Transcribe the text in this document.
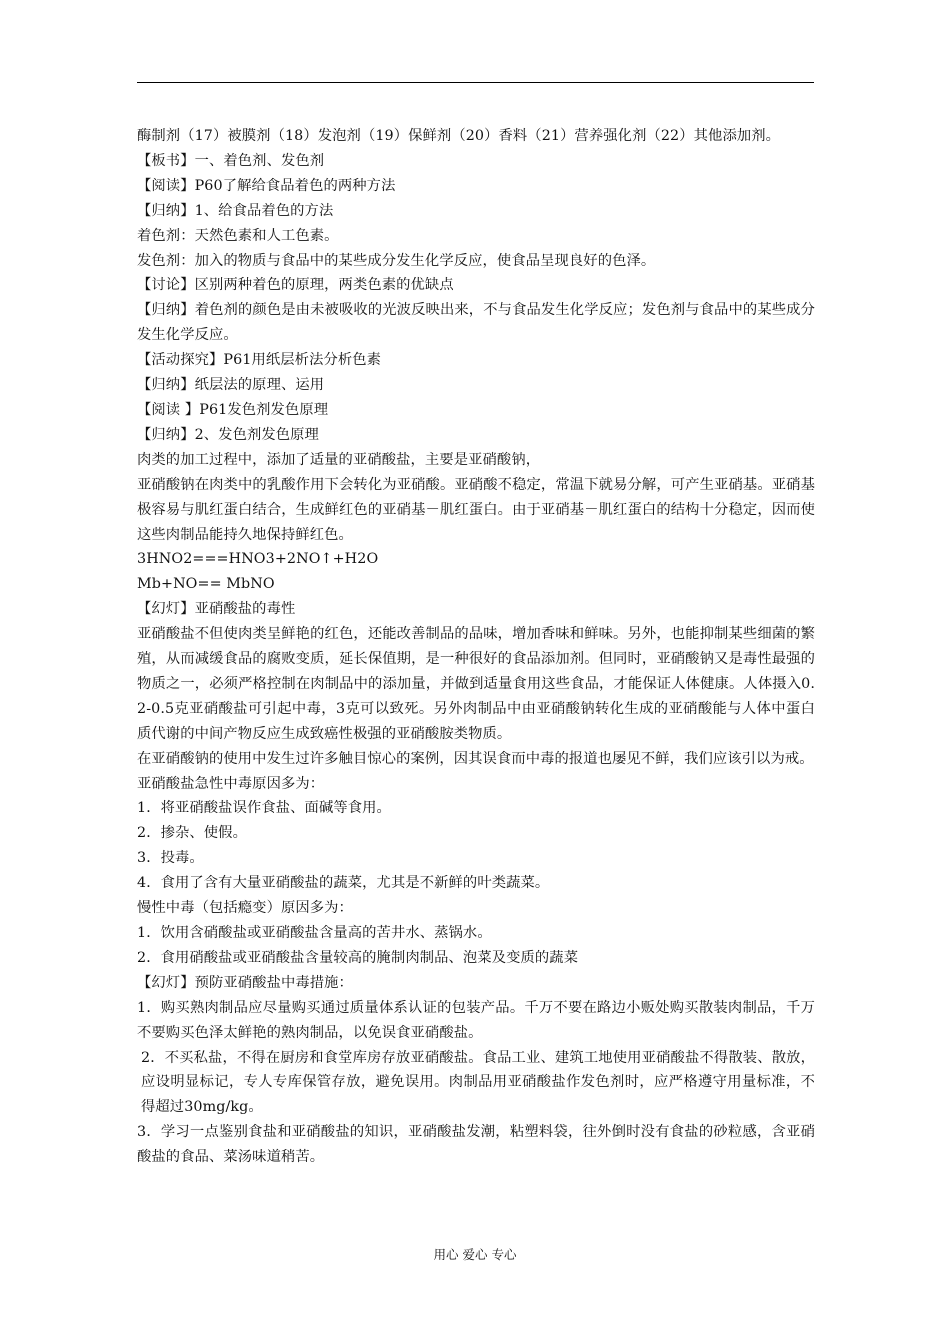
酶制剂（17）被膜剂（18）发泡剂（19）保鲜剂（20）香料（21）营养强化剂（22）其他添加剂。

【板书】一、着色剂、发色剂

【阅读】P60了解给食品着色的两种方法

【归纳】1、给食品着色的方法

着色剂：天然色素和人工色素。

发色剂：加入的物质与食品中的某些成分发生化学反应，使食品呈现良好的色泽。

【讨论】区别两种着色的原理，两类色素的优缺点

【归纳】着色剂的颜色是由未被吸收的光波反映出来，不与食品发生化学反应；发色剂与食品中的某些成分发生化学反应。

【活动探究】P61用纸层析法分析色素

【归纳】纸层法的原理、运用

【阅读 】P61发色剂发色原理

【归纳】2、发色剂发色原理

肉类的加工过程中，添加了适量的亚硝酸盐，主要是亚硝酸钠，

亚硝酸钠在肉类中的乳酸作用下会转化为亚硝酸。亚硝酸不稳定，常温下就易分解，可产生亚硝基。亚硝基极容易与肌红蛋白结合，生成鲜红色的亚硝基－肌红蛋白。由于亚硝基－肌红蛋白的结构十分稳定，因而使这些肉制品能持久地保持鲜红色。

3HNO2===HNO3+2NO↑+H2O

Mb+NO== MbNO

【幻灯】亚硝酸盐的毒性

亚硝酸盐不但使肉类呈鲜艳的红色，还能改善制品的品味，增加香味和鲜味。另外，也能抑制某些细菌的繁殖，从而减缓食品的腐败变质，延长保值期，是一种很好的食品添加剂。但同时，亚硝酸钠又是毒性最强的物质之一，必须严格控制在肉制品中的添加量，并做到适量食用这些食品，才能保证人体健康。人体摄入0.2-0.5克亚硝酸盐可引起中毒，3克可以致死。另外肉制品中由亚硝酸钠转化生成的亚硝酸能与人体中蛋白质代谢的中间产物反应生成致癌性极强的亚硝酸胺类物质。

在亚硝酸钠的使用中发生过许多触目惊心的案例，因其误食而中毒的报道也屡见不鲜，我们应该引以为戒。

亚硝酸盐急性中毒原因多为：

1．将亚硝酸盐误作食盐、面碱等食用。

2．掺杂、使假。

3．投毒。

4．食用了含有大量亚硝酸盐的蔬菜，尤其是不新鲜的叶类蔬菜。

慢性中毒（包括瘾变）原因多为：

1．饮用含硝酸盐或亚硝酸盐含量高的苦井水、蒸锅水。

2．食用硝酸盐或亚硝酸盐含量较高的腌制肉制品、泡菜及变质的蔬菜

【幻灯】预防亚硝酸盐中毒措施：

1．购买熟肉制品应尽量购买通过质量体系认证的包装产品。千万不要在路边小贩处购买散装肉制品，千万不要购买色泽太鲜艳的熟肉制品，以免误食亚硝酸盐。

2．不买私盐，不得在厨房和食堂库房存放亚硝酸盐。食品工业、建筑工地使用亚硝酸盐不得散装、散放，应设明显标记，专人专库保管存放，避免误用。肉制品用亚硝酸盐作发色剂时，应严格遵守用量标准，不得超过30mg/kg。

3．学习一点鉴别食盐和亚硝酸盐的知识，亚硝酸盐发潮，粘塑料袋，往外倒时没有食盐的砂粒感，含亚硝酸盐的食品、菜汤味道稍苦。

用心 爱心 专心
